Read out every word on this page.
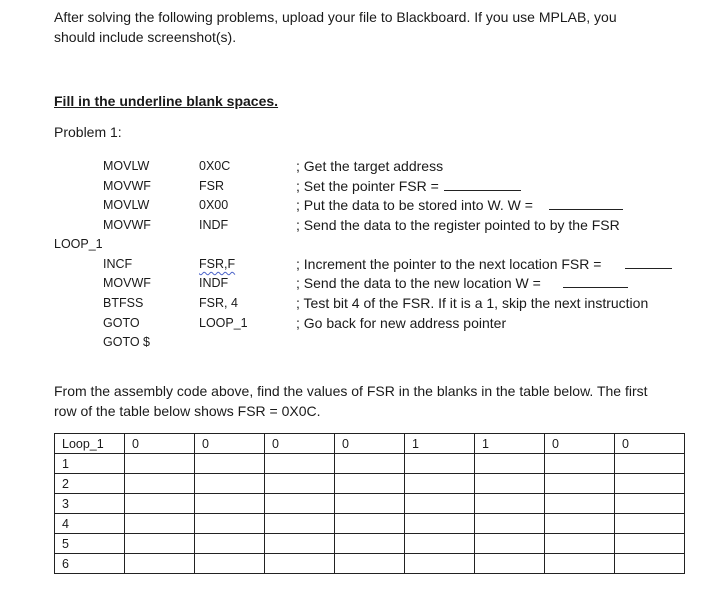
After solving the following problems, upload your file to Blackboard. If you use MPLAB, you
should include screenshot(s).
Fill in the underline blank spaces.
Problem 1:
MOVLW	0X0C	; Get the target address
MOVWF	FSR	; Set the pointer FSR =
MOVLW	0X00	; Put the data to be stored into W. W =
MOVWF	INDF	; Send the data to the register pointed to by the FSR
LOOP_1
INCF	FSR,F	; Increment the pointer to the next location FSR =
MOVWF	INDF	; Send the data to the new location W =
BTFSS	FSR, 4	; Test bit 4 of the FSR. If it is a 1, skip the next instruction
GOTO	LOOP_1	; Go back for new address pointer
GOTO $
From the assembly code above, find the values of FSR in the blanks in the table below. The first
row of the table below shows FSR = 0X0C.
Loop_1	0	0	0	0	1	1	0	0
1								
2								
3								
4								
5								
6								
